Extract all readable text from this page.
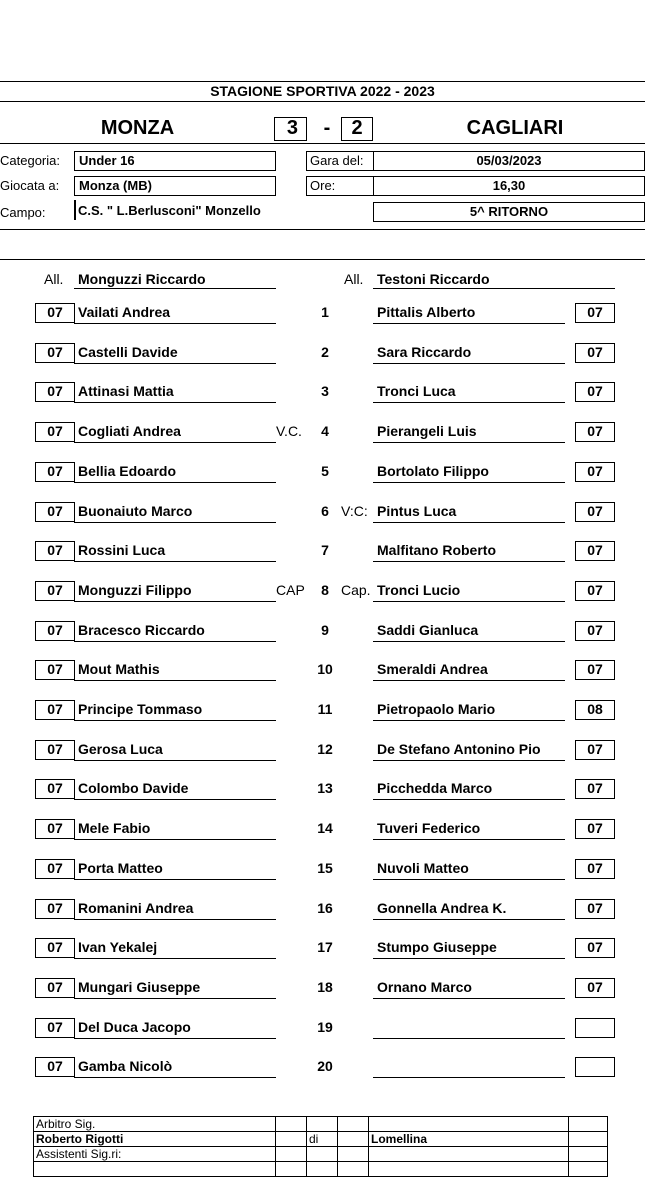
STAGIONE SPORTIVA 2022 - 2023
MONZA	3	-	2	CAGLIARI
Categoria:	Under 16
Giocata a:	Monza (MB)
Campo: C.S. " L.Berlusconi" Monzello
Gara del:	05/03/2023
Ore:	16,30
5^ RITORNO
All. Monguzzi Riccardo	All. Testoni Riccardo
07	Vailati Andrea	1	Pittalis Alberto	07
07	Castelli Davide	2	Sara Riccardo	07
07	Attinasi Mattia	3	Tronci Luca	07
07	Cogliati Andrea	V.C.	4	Pierangeli Luis	07
07	Bellia Edoardo	5	Bortolato Filippo	07
07	Buonaiuto Marco	6 V:C: Pintus Luca	07
07	Rossini Luca	7	Malfitano Roberto	07
07	Monguzzi Filippo	CAP	8 Cap. Tronci Lucio	07
07	Bracesco Riccardo	9	Saddi Gianluca	07
07	Mout Mathis	10	Smeraldi Andrea	07
07	Principe Tommaso	11	Pietropaolo Mario	08
07	Gerosa Luca	12	De Stefano Antonino Pio	07
07	Colombo Davide	13	Picchedda Marco	07
07	Mele Fabio	14	Tuveri Federico	07
07	Porta Matteo	15	Nuvoli Matteo	07
07	Romanini Andrea	16	Gonnella Andrea K.	07
07	Ivan Yekalej	17	Stumpo Giuseppe	07
07	Mungari Giuseppe	18	Ornano Marco	07
07	Del Duca Jacopo	19
07	Gamba Nicolò	20
Arbitro Sig.					
Roberto Rigotti		di		Lomellina	
Assistenti Sig.ri:					
